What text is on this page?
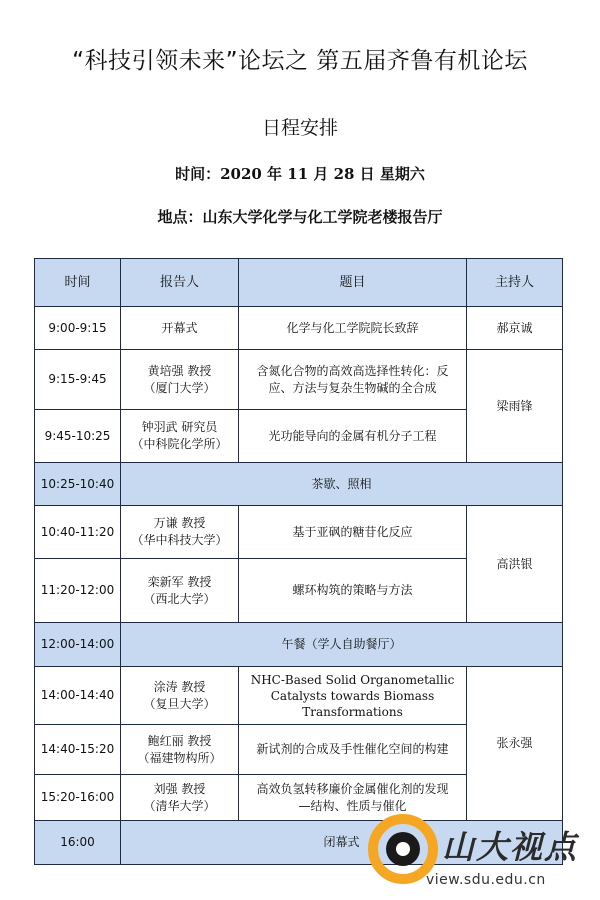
“科技引领未来”论坛之 第五届齐鲁有机论坛
日程安排
时间：2020 年 11 月 28 日 星期六
地点：山东大学化学与化工学院老楼报告厅
时间	报告人	题目	主持人
9:00-9:15	开幕式	化学与化工学院院长致辞	郝京诚
9:15-9:45	黄培强 教授
（厦门大学）	含氮化合物的高效高选择性转化：反
应、方法与复杂生物碱的全合成	梁雨锋
9:45-10:25	钟羽武 研究员
（中科院化学所）	光功能导向的金属有机分子工程	

10:25-10:40	茶歇、照相		
10:40-11:20	万谦 教授
（华中科技大学）	基于亚砜的糖苷化反应	高洪银
11:20-12:00	栾新军 教授
（西北大学）	螺环构筑的策略与方法	

12:00-14:00	午餐（学人自助餐厅）		
14:00-14:40	涂涛 教授
（复旦大学）	NHC-Based Solid Organometallic
Catalysts towards Biomass
Transformations	张永强
14:40-15:20	鲍红丽 教授
（福建物构所）	新试剂的合成及手性催化空间的构建	

15:20-16:00	刘强 教授
（清华大学）	高效负氢转移廉价金属催化剂的发现
—结构、性质与催化	

16:00	闭幕式			山大视点
view.sdu.edu.cn
